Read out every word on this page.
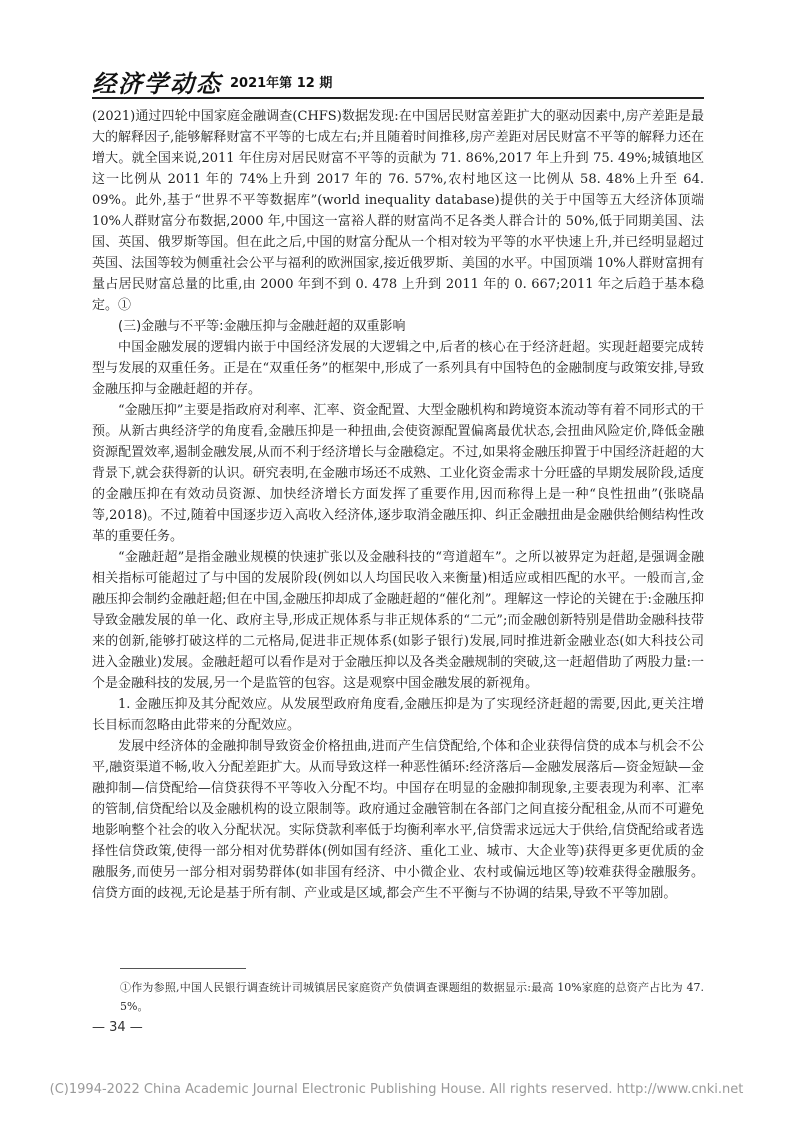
经济学动态 2021年第 12 期

(2021)通过四轮中国家庭金融调查(CHFS)数据发现:在中国居民财富差距扩大的驱动因素中,房产差距是最大的解释因子,能够解释财富不平等的七成左右;并且随着时间推移,房产差距对居民财富不平等的解释力还在增大。就全国来说,2011 年住房对居民财富不平等的贡献为 71. 86%,2017 年上升到 75. 49%;城镇地区这一比例从 2011 年的 74%上升到 2017 年的 76. 57%,农村地区这一比例从 58. 48%上升至 64. 09%。此外,基于“世界不平等数据库”(world inequality database)提供的关于中国等五大经济体顶端 10%人群财富分布数据,2000 年,中国这一富裕人群的财富尚不足各类人群合计的 50%,低于同期美国、法国、英国、俄罗斯等国。但在此之后,中国的财富分配从一个相对较为平等的水平快速上升,并已经明显超过英国、法国等较为侧重社会公平与福利的欧洲国家,接近俄罗斯、美国的水平。中国顶端 10%人群财富拥有量占居民财富总量的比重,由 2000 年到不到 0. 478 上升到 2011 年的 0. 667;2011 年之后趋于基本稳定。①

(三)金融与不平等:金融压抑与金融赶超的双重影响

中国金融发展的逻辑内嵌于中国经济发展的大逻辑之中,后者的核心在于经济赶超。实现赶超要完成转型与发展的双重任务。正是在“双重任务”的框架中,形成了一系列具有中国特色的金融制度与政策安排,导致金融压抑与金融赶超的并存。

“金融压抑”主要是指政府对利率、汇率、资金配置、大型金融机构和跨境资本流动等有着不同形式的干预。从新古典经济学的角度看,金融压抑是一种扭曲,会使资源配置偏离最优状态,会扭曲风险定价,降低金融资源配置效率,遏制金融发展,从而不利于经济增长与金融稳定。不过,如果将金融压抑置于中国经济赶超的大背景下,就会获得新的认识。研究表明,在金融市场还不成熟、工业化资金需求十分旺盛的早期发展阶段,适度的金融压抑在有效动员资源、加快经济增长方面发挥了重要作用,因而称得上是一种“良性扭曲”(张晓晶等,2018)。不过,随着中国逐步迈入高收入经济体,逐步取消金融压抑、纠正金融扭曲是金融供给侧结构性改革的重要任务。

“金融赶超”是指金融业规模的快速扩张以及金融科技的“弯道超车”。之所以被界定为赶超,是强调金融相关指标可能超过了与中国的发展阶段(例如以人均国民收入来衡量)相适应或相匹配的水平。一般而言,金融压抑会制约金融赶超;但在中国,金融压抑却成了金融赶超的“催化剂”。理解这一悖论的关键在于:金融压抑导致金融发展的单一化、政府主导,形成正规体系与非正规体系的“二元”;而金融创新特别是借助金融科技带来的创新,能够打破这样的二元格局,促进非正规体系(如影子银行)发展,同时推进新金融业态(如大科技公司进入金融业)发展。金融赶超可以看作是对于金融压抑以及各类金融规制的突破,这一赶超借助了两股力量:一个是金融科技的发展,另一个是监管的包容。这是观察中国金融发展的新视角。

1. 金融压抑及其分配效应。从发展型政府角度看,金融压抑是为了实现经济赶超的需要,因此,更关注增长目标而忽略由此带来的分配效应。

发展中经济体的金融抑制导致资金价格扭曲,进而产生信贷配给,个体和企业获得信贷的成本与机会不公平,融资渠道不畅,收入分配差距扩大。从而导致这样一种恶性循环:经济落后—金融发展落后—资金短缺—金融抑制—信贷配给—信贷获得不平等收入分配不均。中国存在明显的金融抑制现象,主要表现为利率、汇率的管制,信贷配给以及金融机构的设立限制等。政府通过金融管制在各部门之间直接分配租金,从而不可避免地影响整个社会的收入分配状况。实际贷款利率低于均衡利率水平,信贷需求远远大于供给,信贷配给或者选择性信贷政策,使得一部分相对优势群体(例如国有经济、重化工业、城市、大企业等)获得更多更优质的金融服务,而使另一部分相对弱势群体(如非国有经济、中小微企业、农村或偏远地区等)较难获得金融服务。信贷方面的歧视,无论是基于所有制、产业或是区域,都会产生不平衡与不协调的结果,导致不平等加剧。

①作为参照,中国人民银行调查统计司城镇居民家庭资产负债调查课题组的数据显示:最高 10%家庭的总资产占比为 47. 5%。
— 34 —
(C)1994-2022 China Academic Journal Electronic Publishing House. All rights reserved. http://www.cnki.net
